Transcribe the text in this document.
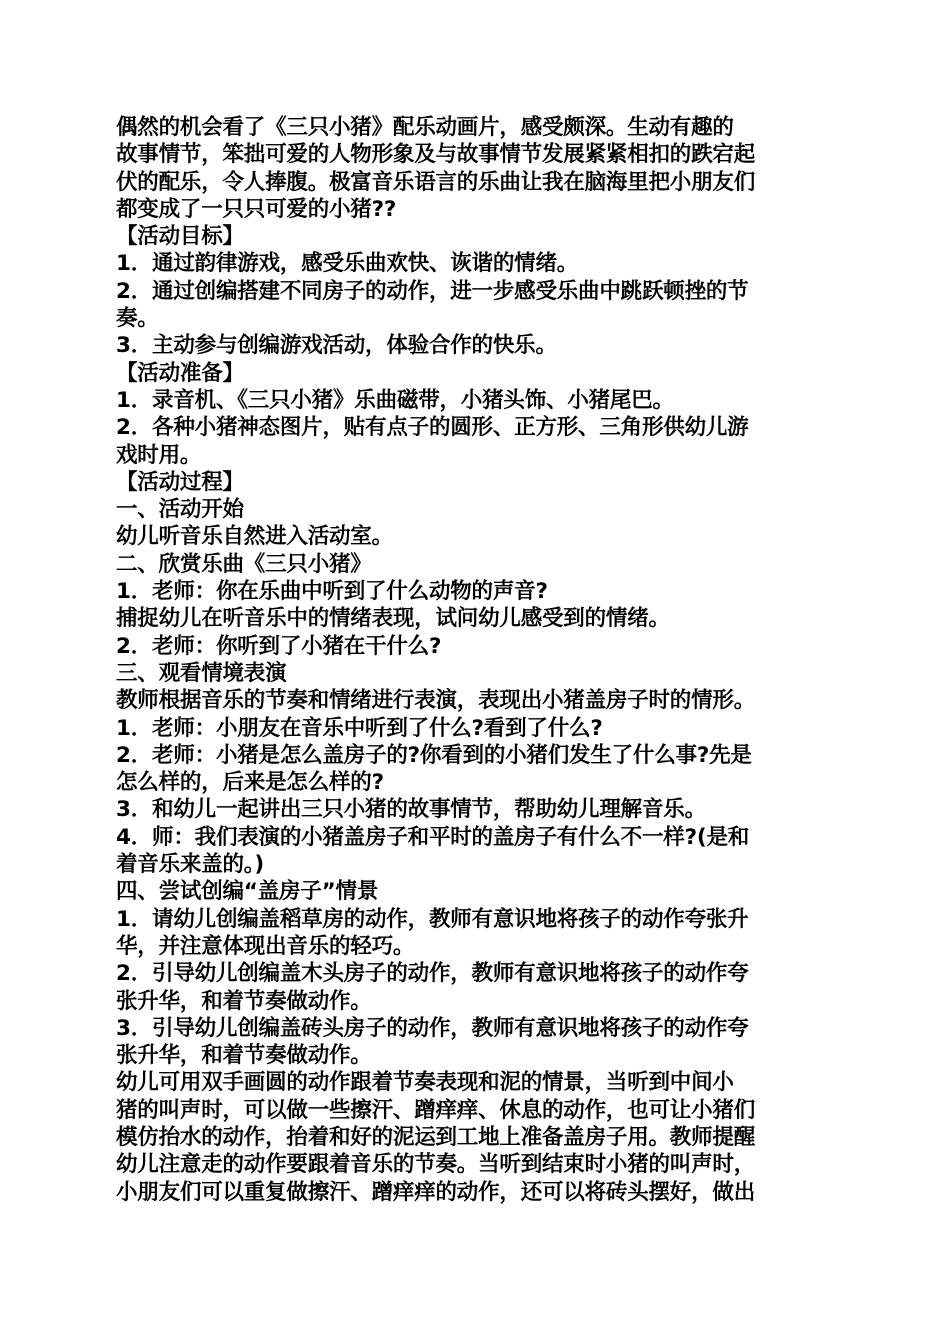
偶然的机会看了《三只小猪》配乐动画片，感受颇深。生动有趣的
故事情节，笨拙可爱的人物形象及与故事情节发展紧紧相扣的跌宕起
伏的配乐，令人捧腹。极富音乐语言的乐曲让我在脑海里把小朋友们
都变成了一只只可爱的小猪??
【活动目标】
1．通过韵律游戏，感受乐曲欢快、诙谐的情绪。
2．通过创编搭建不同房子的动作，进一步感受乐曲中跳跃顿挫的节
奏。
3．主动参与创编游戏活动，体验合作的快乐。
【活动准备】
1．录音机、《三只小猪》乐曲磁带，小猪头饰、小猪尾巴。
2．各种小猪神态图片，贴有点子的圆形、正方形、三角形供幼儿游
戏时用。
【活动过程】
一、活动开始
幼儿听音乐自然进入活动室。
二、欣赏乐曲《三只小猪》
1．老师：你在乐曲中听到了什么动物的声音?
捕捉幼儿在听音乐中的情绪表现，试问幼儿感受到的情绪。
2．老师：你听到了小猪在干什么?
三、观看情境表演
教师根据音乐的节奏和情绪进行表演，表现出小猪盖房子时的情形。
1．老师：小朋友在音乐中听到了什么?看到了什么?
2．老师：小猪是怎么盖房子的?你看到的小猪们发生了什么事?先是
怎么样的，后来是怎么样的?
3．和幼儿一起讲出三只小猪的故事情节，帮助幼儿理解音乐。
4．师：我们表演的小猪盖房子和平时的盖房子有什么不一样?(是和
着音乐来盖的。)
四、尝试创编“盖房子”情景
1．请幼儿创编盖稻草房的动作，教师有意识地将孩子的动作夸张升
华，并注意体现出音乐的轻巧。
2．引导幼儿创编盖木头房子的动作，教师有意识地将孩子的动作夸
张升华，和着节奏做动作。
3．引导幼儿创编盖砖头房子的动作，教师有意识地将孩子的动作夸
张升华，和着节奏做动作。
幼儿可用双手画圆的动作跟着节奏表现和泥的情景，当听到中间小
猪的叫声时，可以做一些擦汗、蹭痒痒、休息的动作，也可让小猪们
模仿抬水的动作，抬着和好的泥运到工地上准备盖房子用。教师提醒
幼儿注意走的动作要跟着音乐的节奏。当听到结束时小猪的叫声时，
小朋友们可以重复做擦汗、蹭痒痒的动作，还可以将砖头摆好，做出
